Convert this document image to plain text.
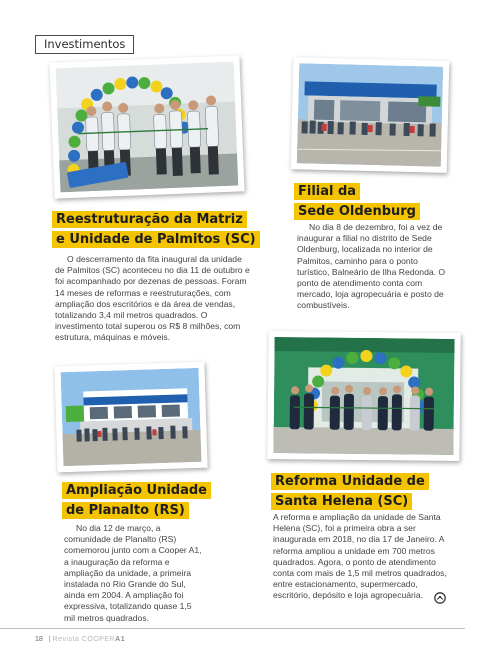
Investimentos
Reestruturação da Matriz
e Unidade de Palmitos (SC)
O descerramento da fita inaugural da unidade de Palmitos (SC) aconteceu no dia 11 de outubro e foi acompanhado por dezenas de pessoas. Foram 14 meses de reformas e reestruturações, com ampliação dos escritórios e da área de vendas, totalizando 3,4 mil metros quadrados. O investimento total superou os R$ 8 milhões, com estrutura, máquinas e móveis.
Filial da
Sede Oldenburg
No dia 8 de dezembro, foi a vez de inaugurar a filial no distrito de Sede Oldenburg, localizada no interior de Palmitos, caminho para o ponto turístico, Balneário de Ilha Redonda. O ponto de atendimento conta com mercado, loja agropecuária e posto de combustíveis.
Ampliação Unidade
de Planalto (RS)
No dia 12 de março, a comunidade de Planalto (RS) comemorou junto com a Cooper A1, a inauguração da reforma e ampliação da unidade, a primeira instalada no Rio Grande do Sul, ainda em 2004. A ampliação foi expressiva, totalizando quase 1,5 mil metros quadrados.
Reforma Unidade de
Santa Helena (SC)
A reforma e ampliação da unidade de Santa Helena (SC), foi a primeira obra a ser inaugurada em 2018, no dia 17 de Janeiro. A reforma ampliou a unidade em 700 metros quadrados. Agora, o ponto de atendimento conta com mais de 1,5 mil metros quadrados, entre estacionamento, supermercado, escritório, depósito e loja agropecuária.
18 | Revista COOPERA1
